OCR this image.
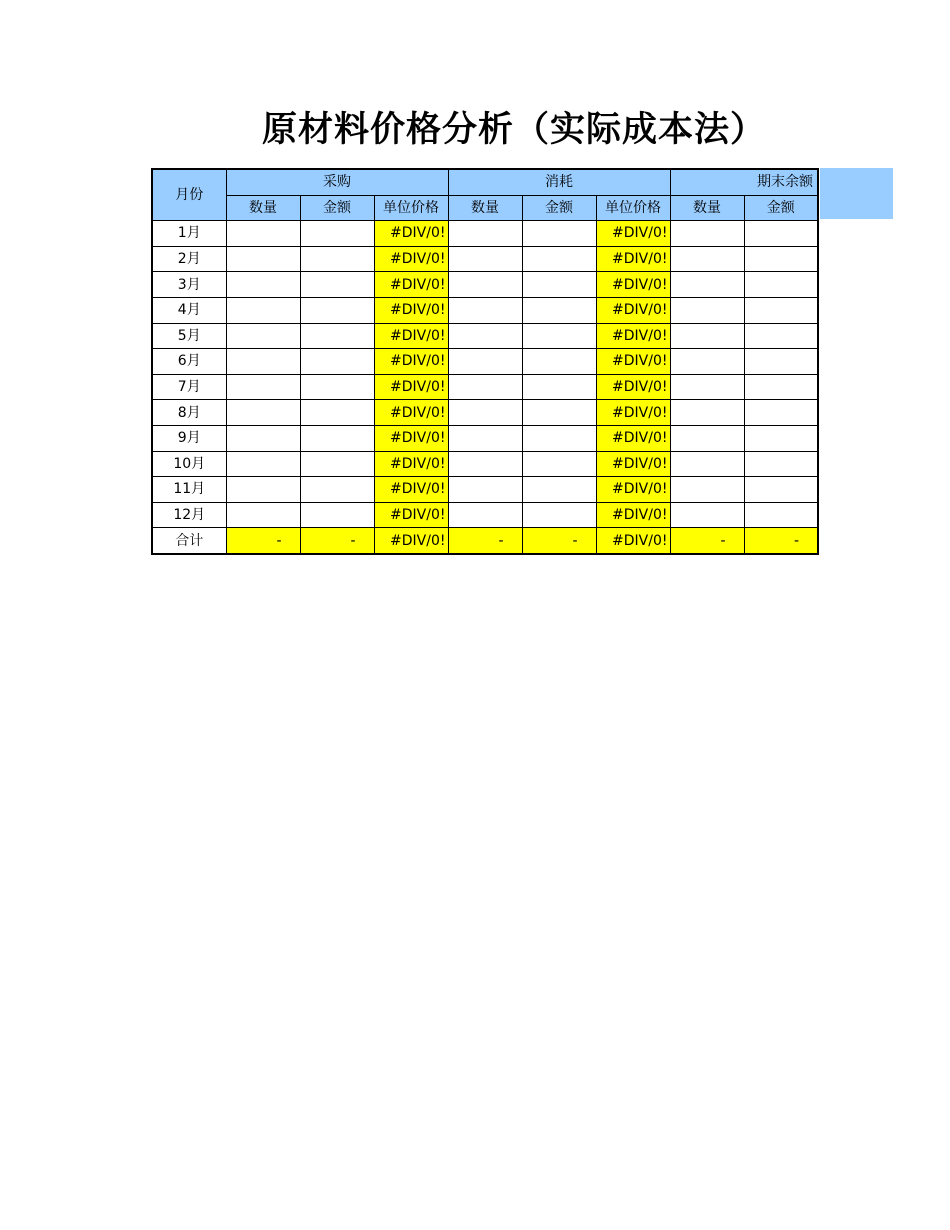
原材料价格分析（实际成本法）
月份	采购			消耗			期末余额	
	数量	金额	单位价格	数量	金额	单位价格	数量	金额
1月			#DIV/0!			#DIV/0!		
2月			#DIV/0!			#DIV/0!		
3月			#DIV/0!			#DIV/0!		
4月			#DIV/0!			#DIV/0!		
5月			#DIV/0!			#DIV/0!		
6月			#DIV/0!			#DIV/0!		
7月			#DIV/0!			#DIV/0!		
8月			#DIV/0!			#DIV/0!		
9月			#DIV/0!			#DIV/0!		
10月			#DIV/0!			#DIV/0!		
11月			#DIV/0!			#DIV/0!		
12月			#DIV/0!			#DIV/0!		
合计	-	-	#DIV/0!	-	-	#DIV/0!	-	-
